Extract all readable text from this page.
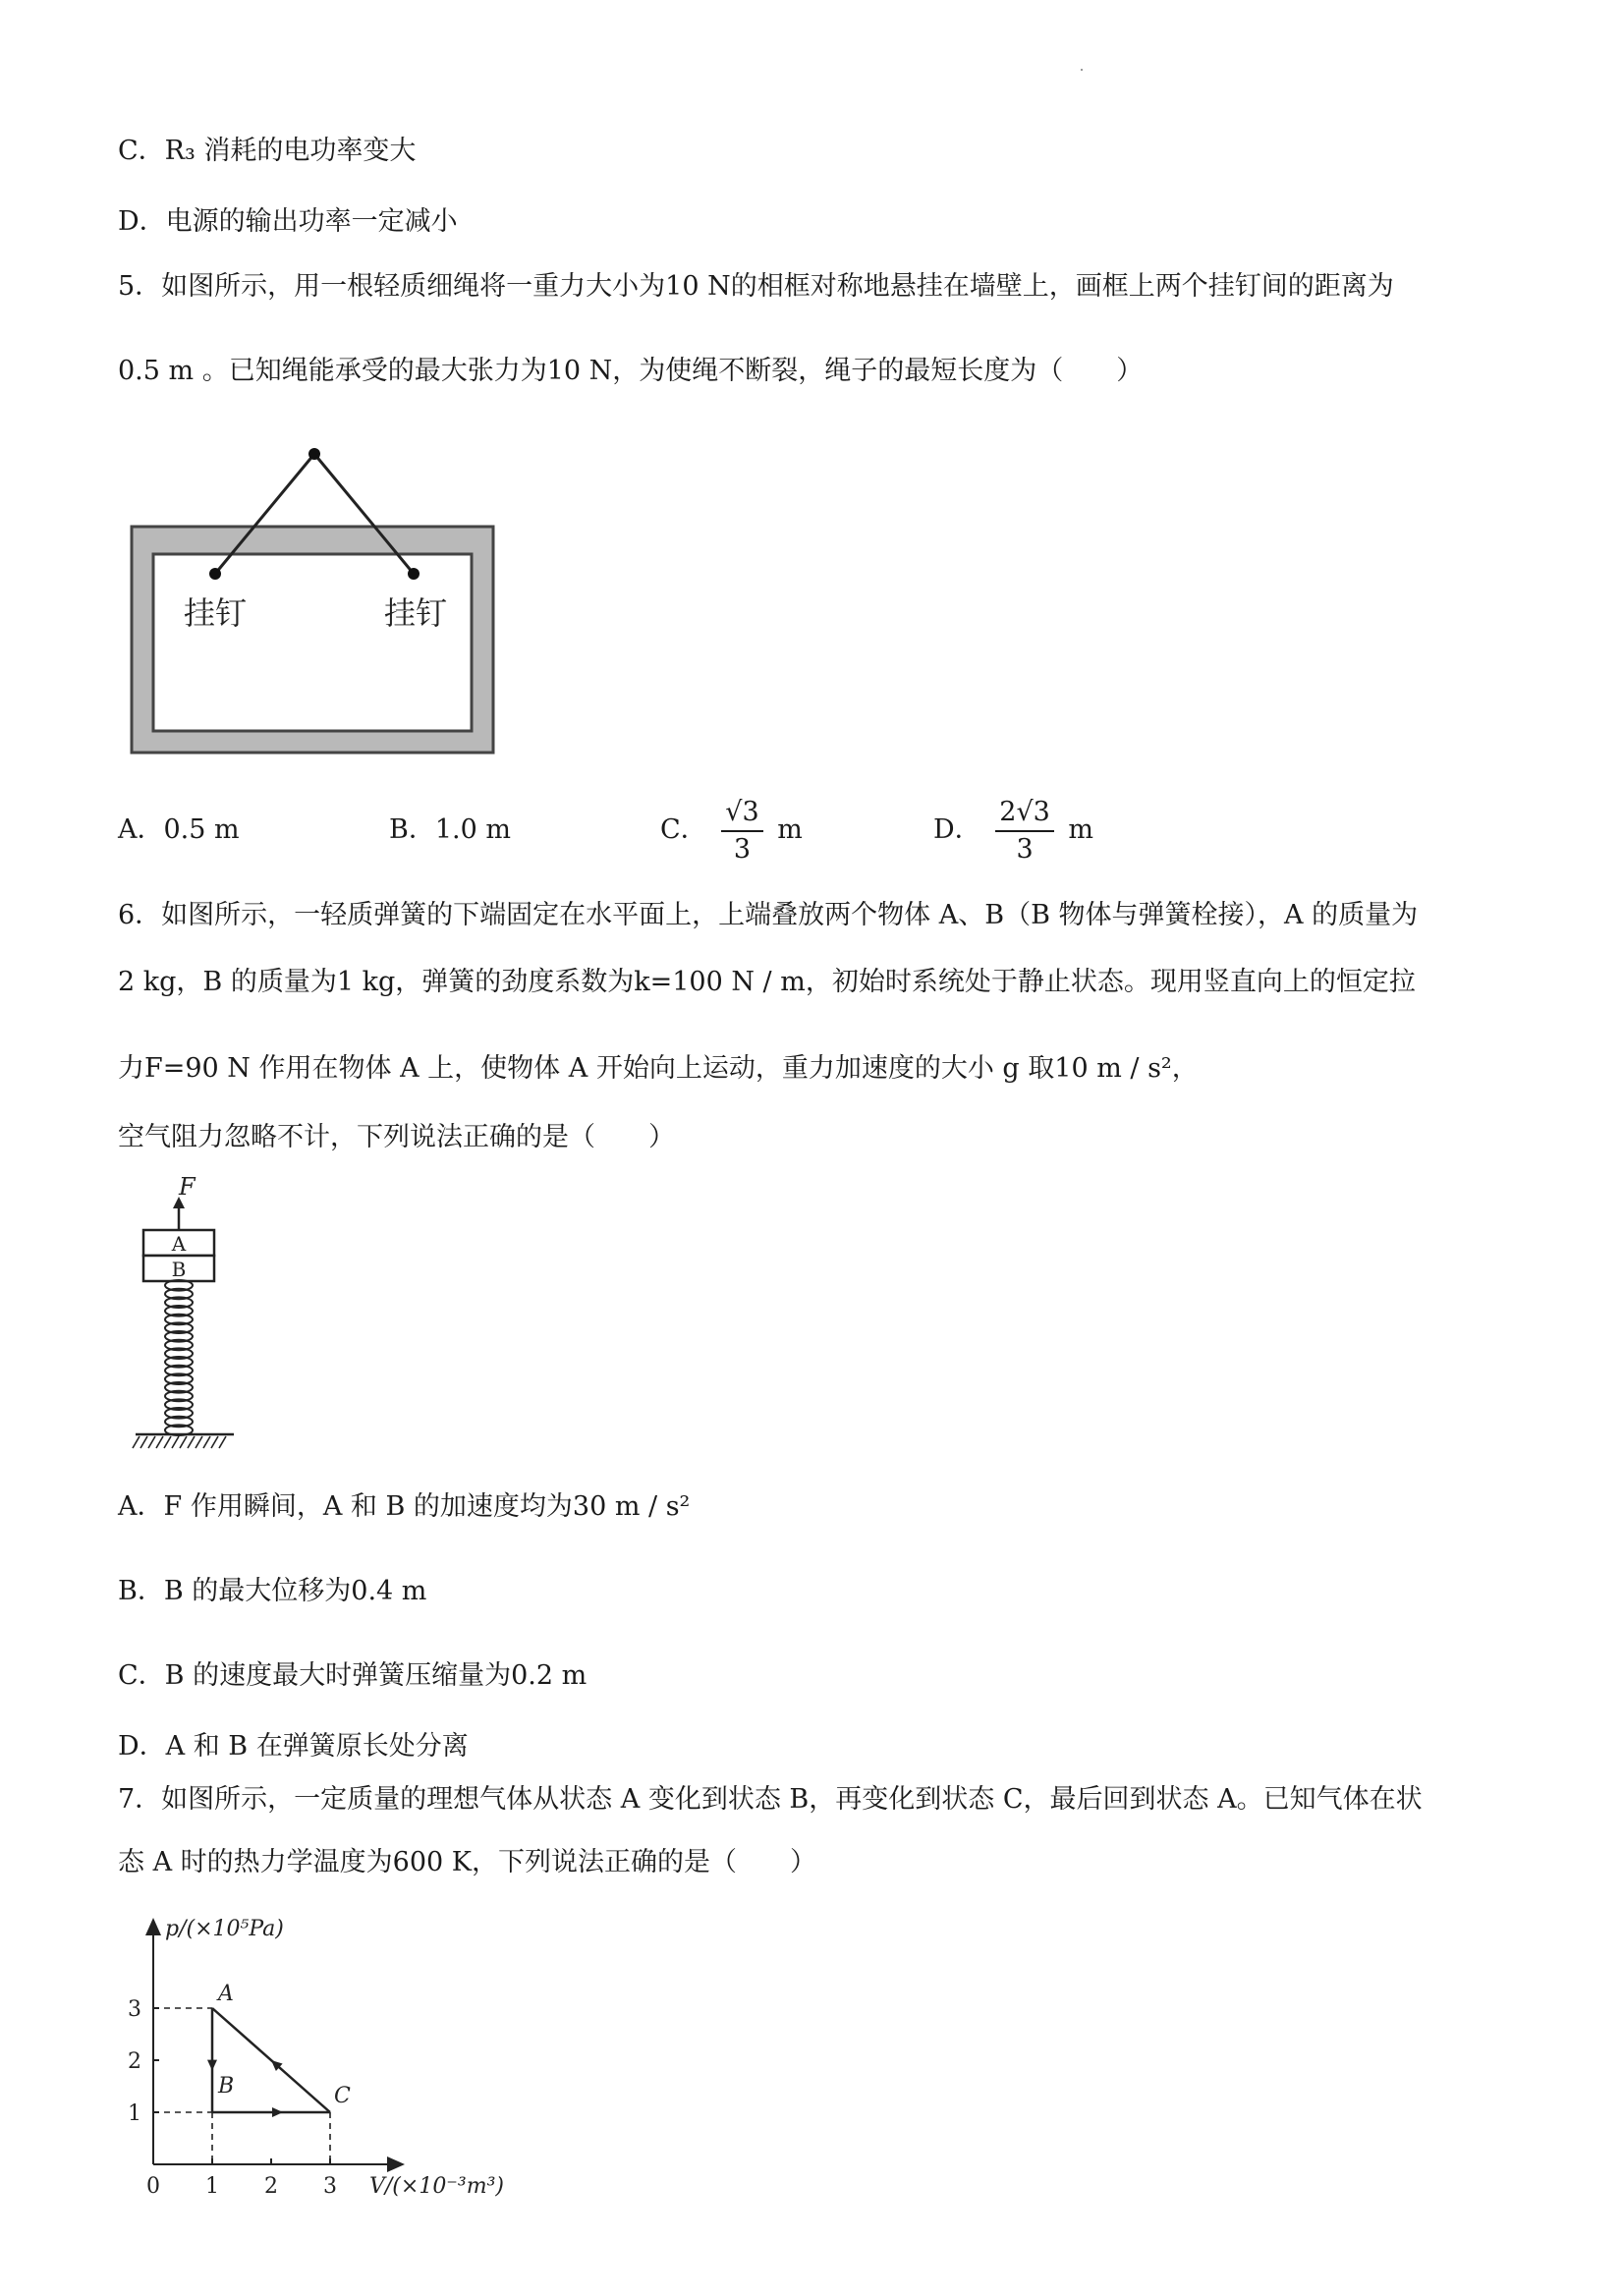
C．R₃ 消耗的电功率变大
D．电源的输出功率一定减小
5．如图所示，用一根轻质细绳将一重力大小为10 N的相框对称地悬挂在墙壁上，画框上两个挂钉间的距离为
0.5 m 。已知绳能承受的最大张力为10 N，为使绳不断裂，绳子的最短长度为（　　）
挂钉	挂钉
A．0.5 m	B．1.0 m	C． $\frac{√3}{3}$ m	D． $\frac{2√3}{3}$ m
6．如图所示，一轻质弹簧的下端固定在水平面上，上端叠放两个物体 A、B（B 物体与弹簧栓接），A 的质量为
2 kg，B 的质量为1 kg，弹簧的劲度系数为k=100 N / m，初始时系统处于静止状态。现用竖直向上的恒定拉
力F=90 N 作用在物体 A 上，使物体 A 开始向上运动，重力加速度的大小 g 取10 m / s²，
空气阻力忽略不计，下列说法正确的是（　　）
F
A
B
A．F 作用瞬间，A 和 B 的加速度均为30 m / s²
B．B 的最大位移为0.4 m
C．B 的速度最大时弹簧压缩量为0.2 m
D．A 和 B 在弹簧原长处分离
7．如图所示，一定质量的理想气体从状态 A 变化到状态 B，再变化到状态 C，最后回到状态 A。已知气体在状
态 A 时的热力学温度为600 K，下列说法正确的是（　　）
p/(×10⁵Pa)
V/(×10⁻³m³)
0 1 2 3
1
2
3
A
B	C
